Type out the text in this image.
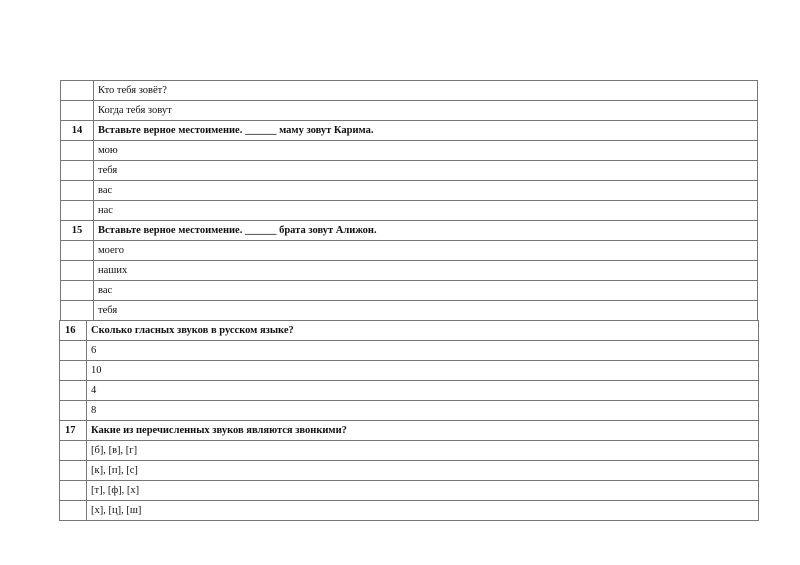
	Кто тебя зовёт?
	Когда тебя зовут
14	Вставьте верное местоимение. ______ маму зовут Карима.
	мою
	тебя
	вас
	нас
15	Вставьте верное местоимение. ______ брата зовут Алижон.
	моего
	наших
	вас
	тебя
16	Сколько гласных звуков в русском языке?
	6
	10
	4
	8
17	Какие из перечисленных звуков являются звонкими?
	[б], [в], [г]
	[к], [п], [с]
	[т], [ф], [х]
	[х], [ц], [ш]
